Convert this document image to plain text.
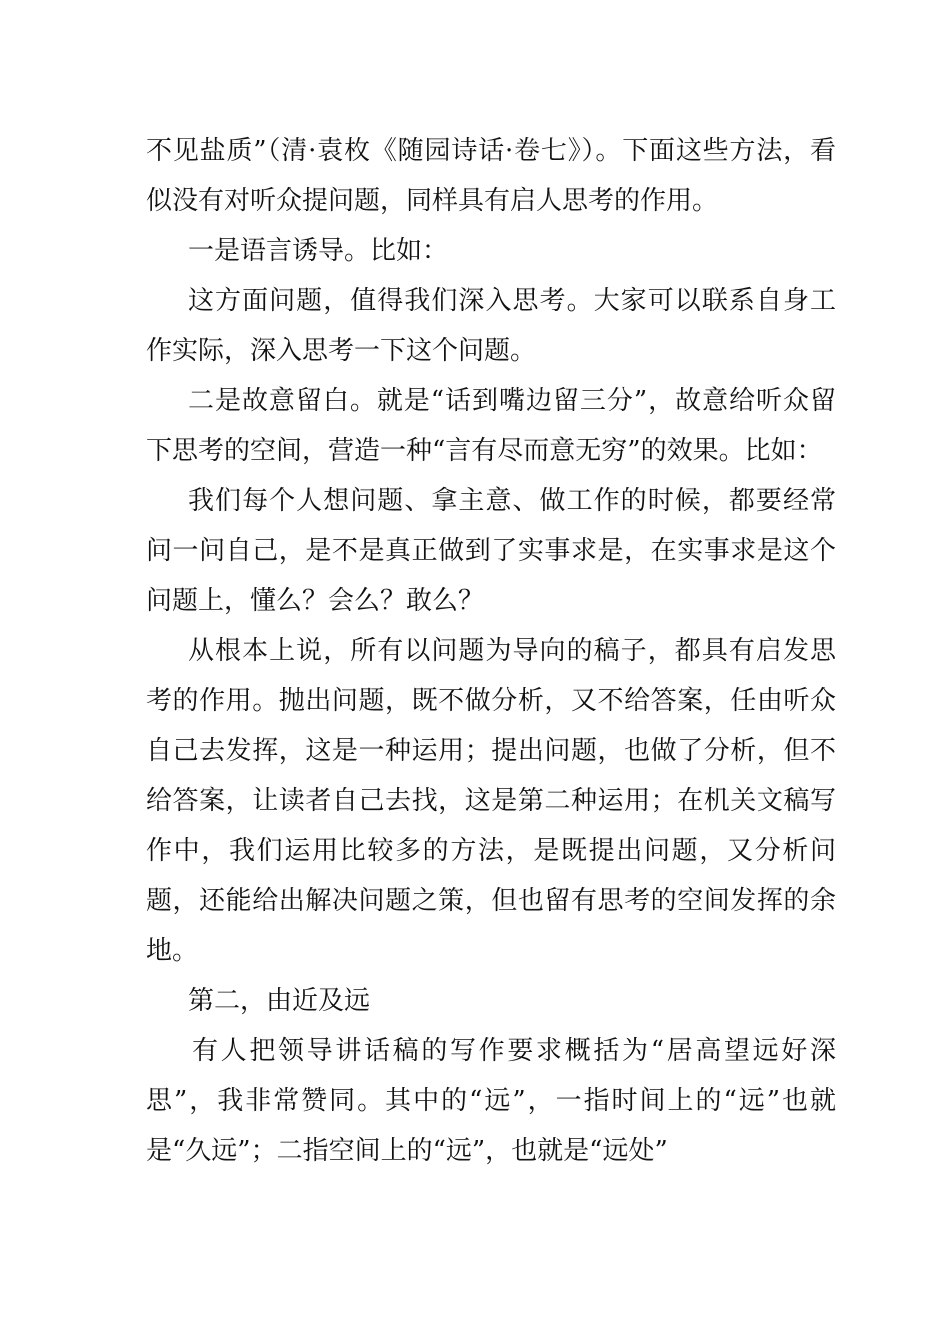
不见盐质”（清·袁枚《随园诗话·卷七》）。下面这些方法，看似没有对听众提问题，同样具有启人思考的作用。

一是语言诱导。比如：

这方面问题，值得我们深入思考。大家可以联系自身工作实际，深入思考一下这个问题。

二是故意留白。就是“话到嘴边留三分”，故意给听众留下思考的空间，营造一种“言有尽而意无穷”的效果。比如：

我们每个人想问题、拿主意、做工作的时候，都要经常问一问自己，是不是真正做到了实事求是，在实事求是这个问题上，懂么？会么？敢么？

从根本上说，所有以问题为导向的稿子，都具有启发思考的作用。抛出问题，既不做分析，又不给答案，任由听众自己去发挥，这是一种运用；提出问题，也做了分析，但不给答案，让读者自己去找，这是第二种运用；在机关文稿写作中，我们运用比较多的方法，是既提出问题，又分析问题，还能给出解决问题之策，但也留有思考的空间发挥的余地。

第二，由近及远

有人把领导讲话稿的写作要求概括为“居高望远好深思”，我非常赞同。其中的“远”，一指时间上的“远”也就是“久远”；二指空间上的“远”，也就是“远处”
